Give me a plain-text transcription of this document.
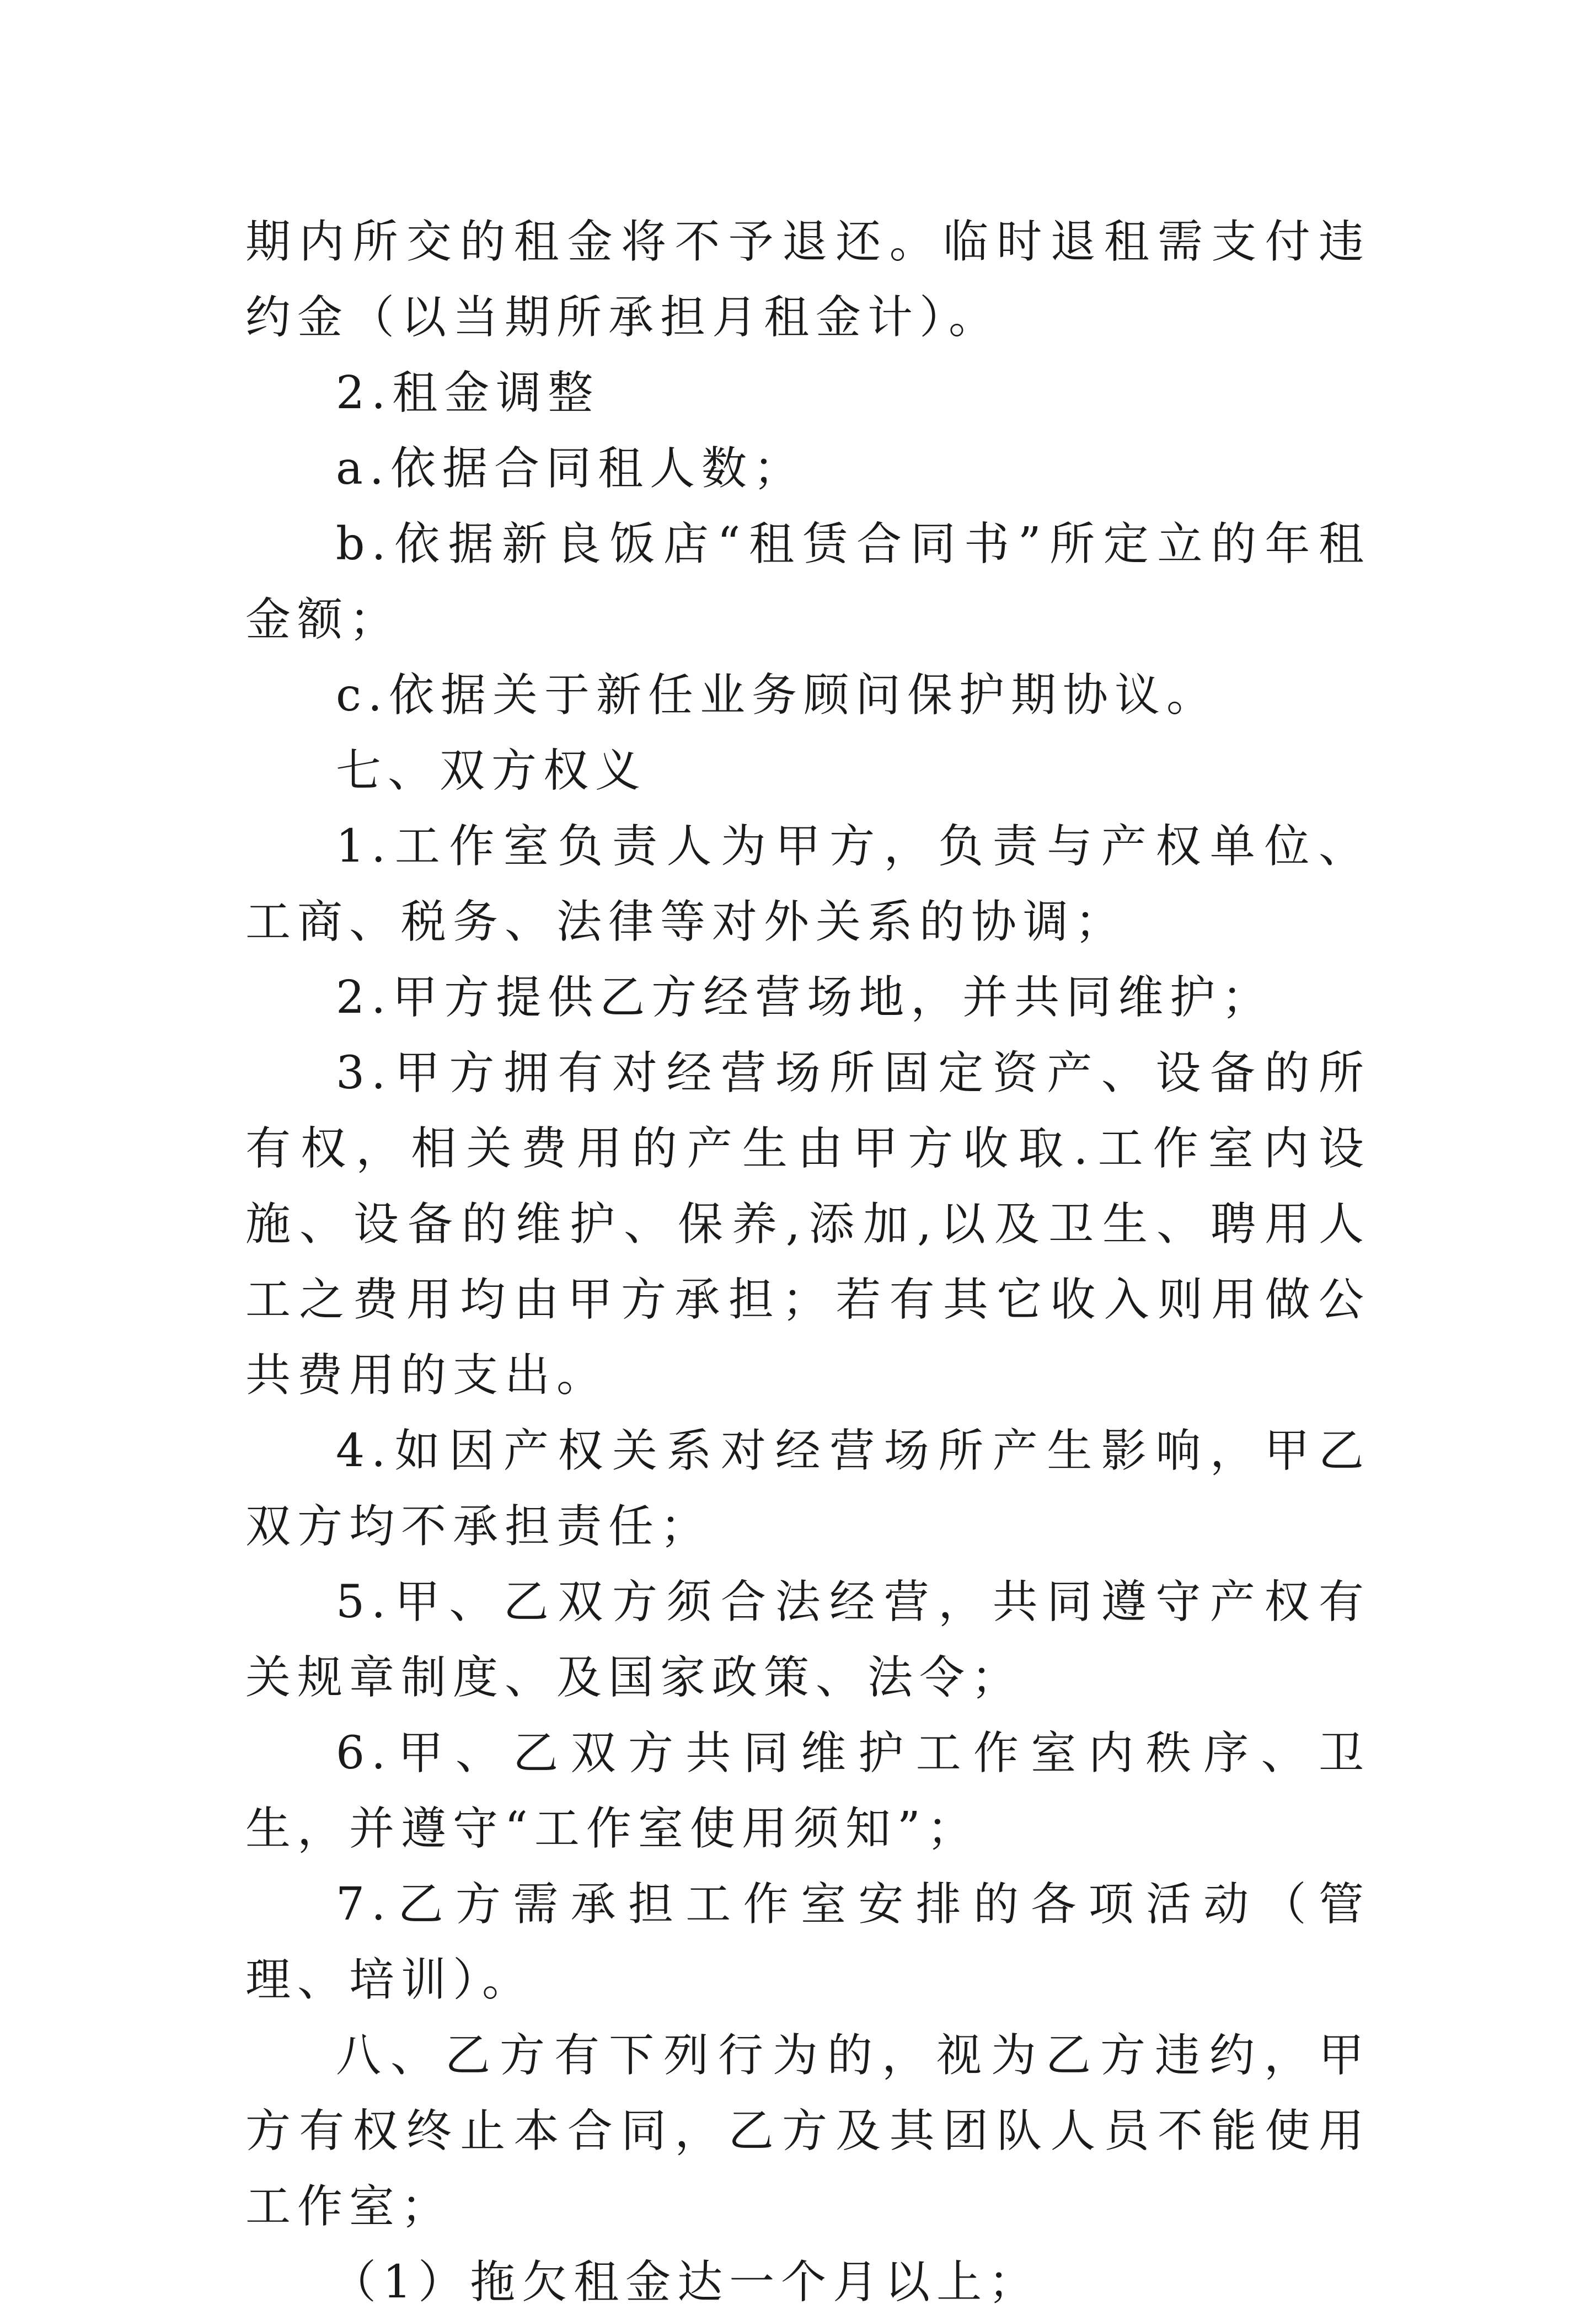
期内所交的租金将不予退还。临时退租需支付违约金（以当期所承担月租金计）。

2.租金调整

a.依据合同租人数；

b.依据新良饭店“租赁合同书”所定立的年租金额；

c.依据关于新任业务顾问保护期协议。

七、双方权义

1.工作室负责人为甲方，负责与产权单位、工商、税务、法律等对外关系的协调；

2.甲方提供乙方经营场地，并共同维护；

3.甲方拥有对经营场所固定资产、设备的所有权，相关费用的产生由甲方收取.工作室内设施、设备的维护、保养,添加,以及卫生、聘用人工之费用均由甲方承担；若有其它收入则用做公共费用的支出。

4.如因产权关系对经营场所产生影响，甲乙双方均不承担责任；

5.甲、乙双方须合法经营，共同遵守产权有关规章制度、及国家政策、法令；

6.甲、乙双方共同维护工作室内秩序、卫生，并遵守“工作室使用须知”；

7.乙方需承担工作室安排的各项活动（管理、培训）。

八、乙方有下列行为的，视为乙方违约，甲方有权终止本合同，乙方及其团队人员不能使用工作室；

（1）拖欠租金达一个月以上；
